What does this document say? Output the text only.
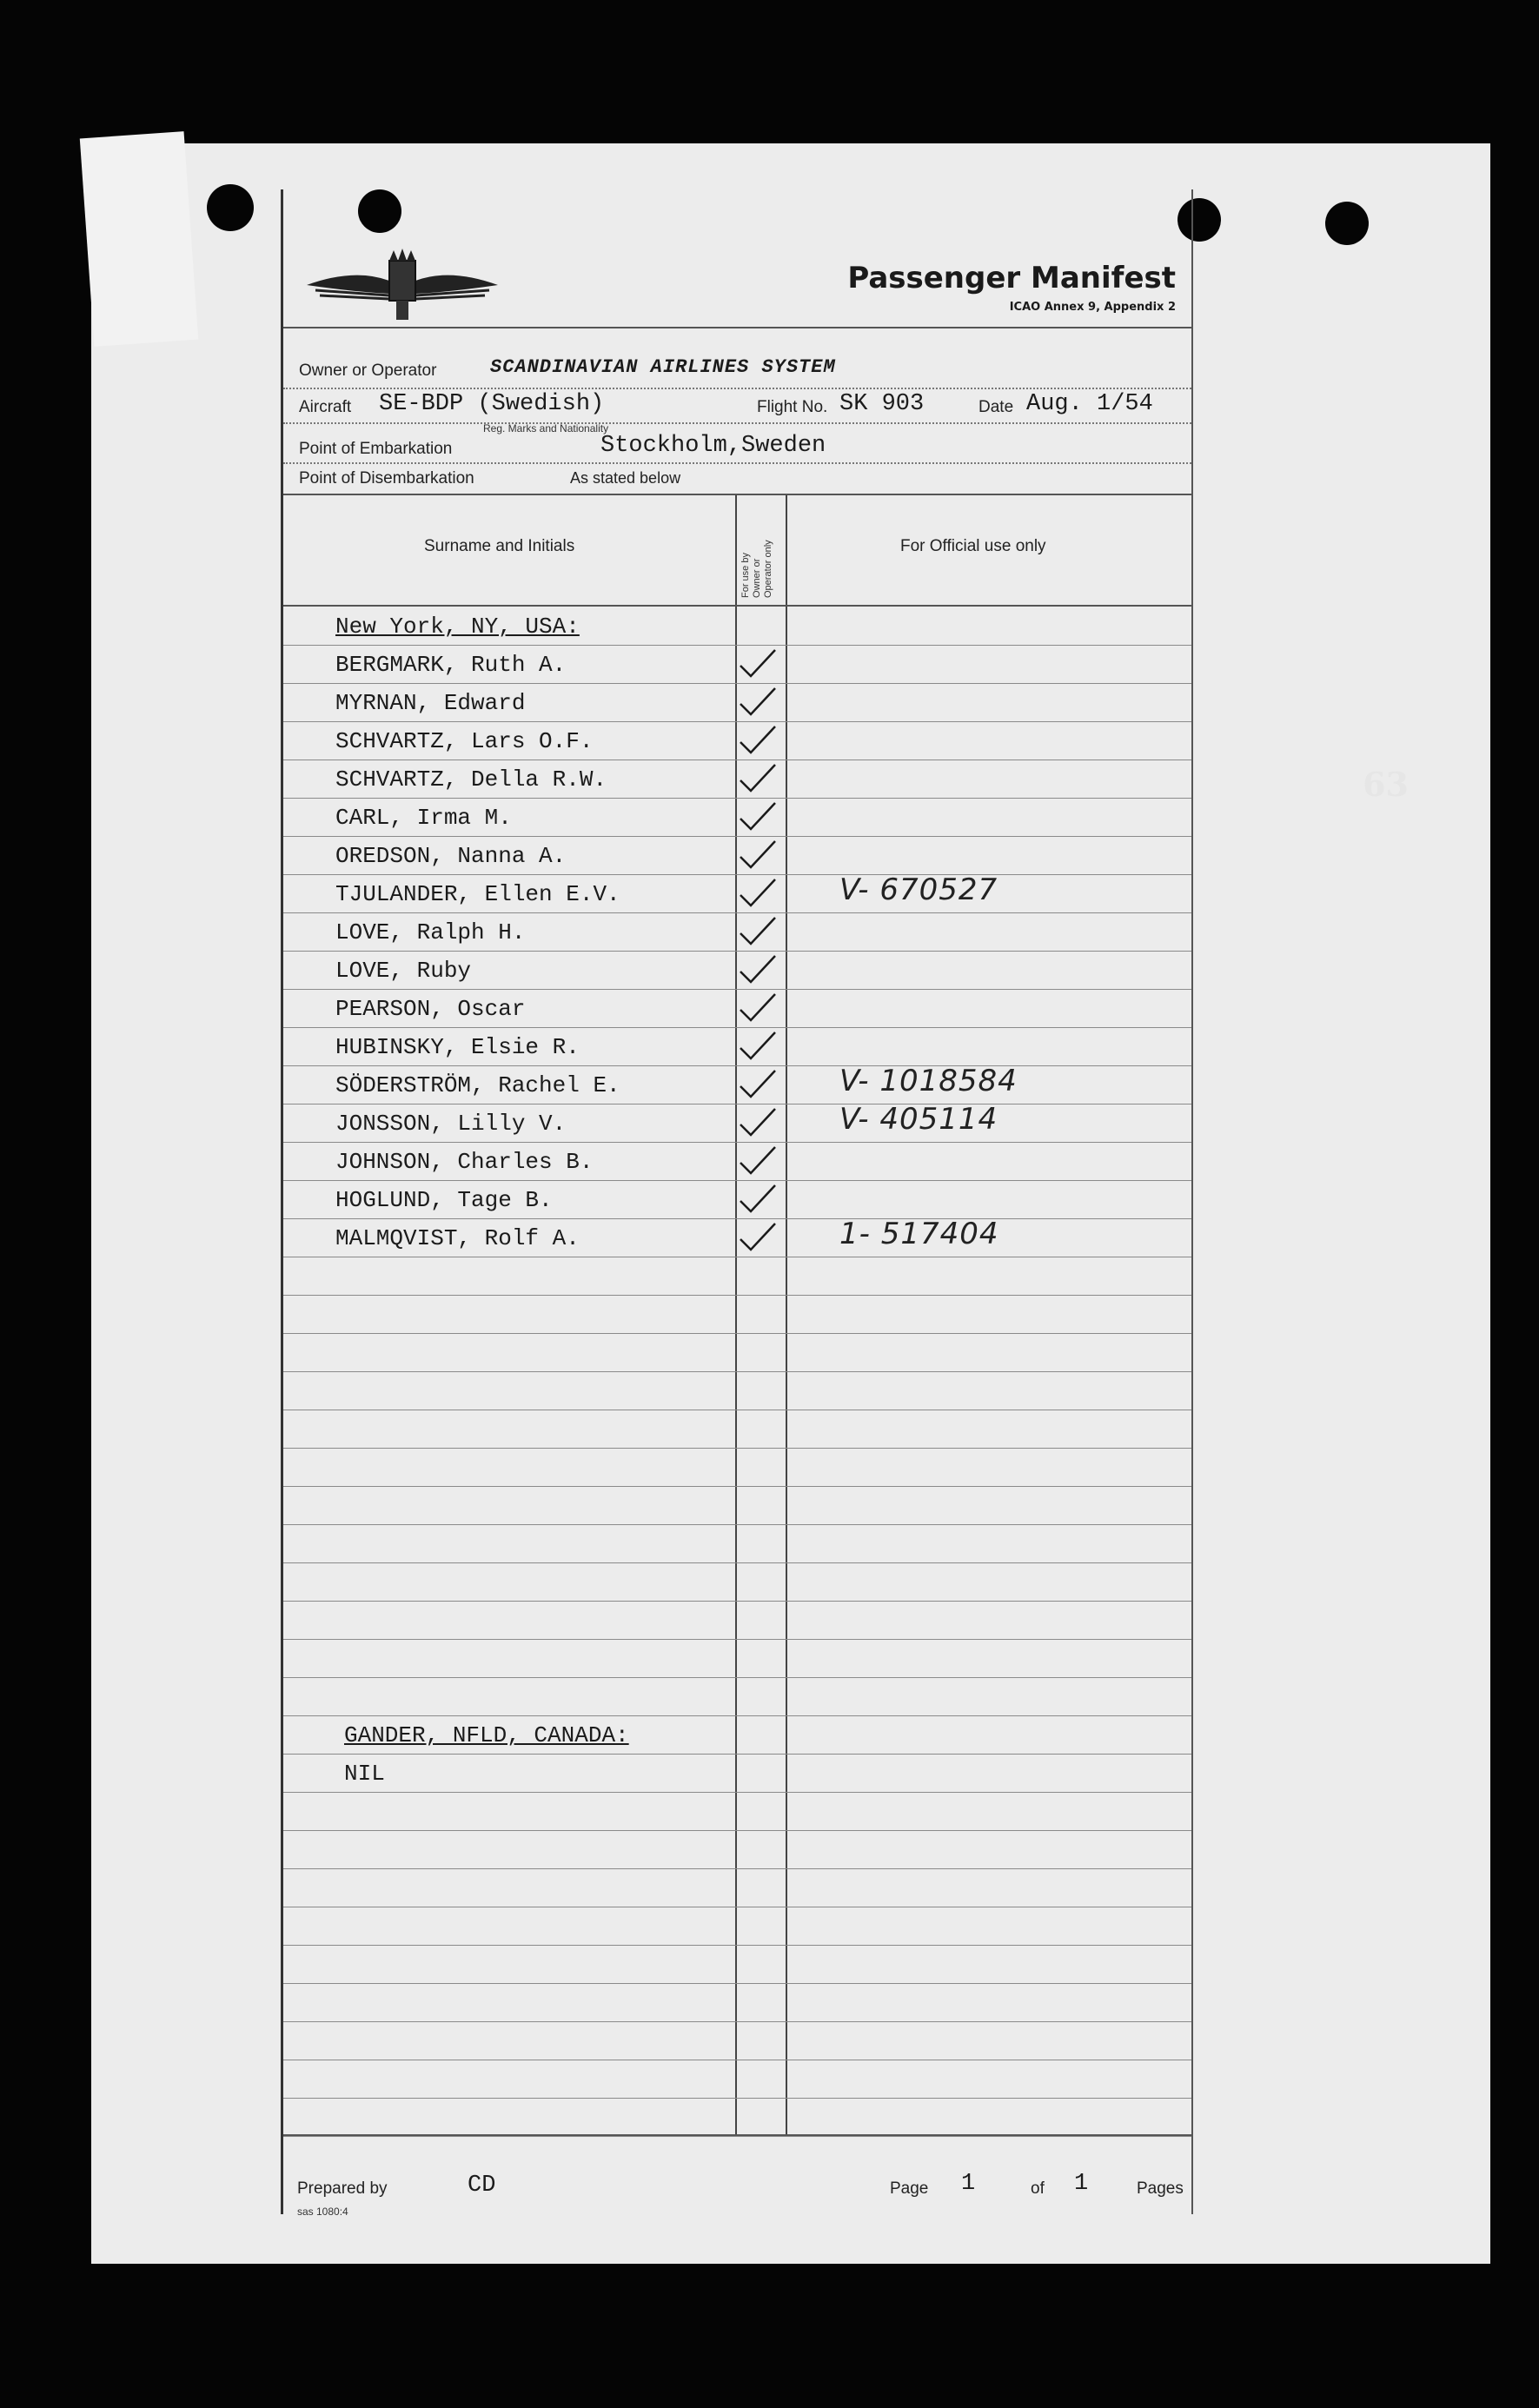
63
Passenger Manifest
ICAO Annex 9, Appendix 2
Owner or Operator	SCANDINAVIAN AIRLINES SYSTEM
Aircraft SE-BDP (Swedish)
Reg. Marks and Nationality
Flight No. SK 903	Date Aug. 1/54
Point of Embarkation	Stockholm,Sweden
Point of Disembarkation	As stated below
Surname and Initials
For use by Owner or Operator only	For Official use only
New York, NY, USA:
BERGMARK, Ruth A.
MYRNAN, Edward
SCHVARTZ, Lars O.F.
SCHVARTZ, Della R.W.
CARL, Irma M.
OREDSON, Nanna A.
TJULANDER, Ellen E.V.	V- 670527
LOVE, Ralph H.
LOVE, Ruby
PEARSON, Oscar
HUBINSKY, Elsie R.
SÖDERSTRÖM, Rachel E.	V- 1018584
JONSSON, Lilly V.	V- 405114
JOHNSON, Charles B.
HOGLUND, Tage B.
MALMQVIST, Rolf A.	1- 517404
GANDER, NFLD, CANADA:
NIL
Prepared by	CD	Page 1	of 1	Pages
sas 1080:4
